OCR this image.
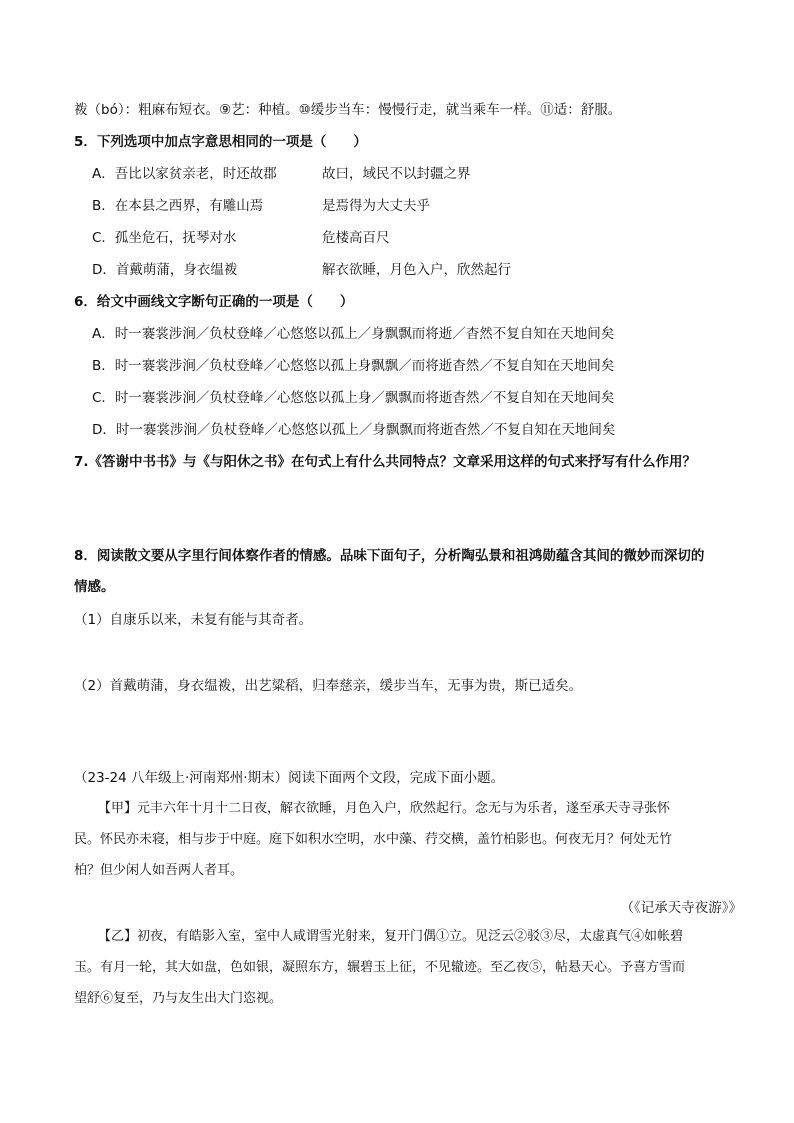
袯（bó）：粗麻布短衣。⑨艺：种植。⑩缓步当车：慢慢行走，就当乘车一样。⑪适：舒服。
5．下列选项中加点字意思相同的一项是（　　）
A．吾比以家贫亲老，时还故郡	故曰，域民不以封疆之界
B．在本县之西界，有雕山焉	是焉得为大丈夫乎
C．孤坐危石，抚琴对水	危楼高百尺
D．首戴萌蒲，身衣缊袯	解衣欲睡，月色入户，欣然起行
6．给文中画线文字断句正确的一项是（　　）
A．时一褰裳涉涧／负杖登峰／心悠悠以孤上／身飘飘而将逝／杳然不复自知在天地间矣
B．时一褰裳涉涧／负杖登峰／心悠悠以孤上身飘飘／而将逝杳然／不复自知在天地间矣
C．时一褰裳涉涧／负杖登峰／心悠悠以孤上身／飘飘而将逝杳然／不复自知在天地间矣
D．时一褰裳涉涧／负杖登峰／心悠悠以孤上／身飘飘而将逝杳然／不复自知在天地间矣
7.《答谢中书书》与《与阳休之书》在句式上有什么共同特点？文章采用这样的句式来抒写有什么作用？
8．阅读散文要从字里行间体察作者的情感。品味下面句子，分析陶弘景和祖鸿勋蕴含其间的微妙而深切的
情感。
（1）自康乐以来，未复有能与其奇者。
（2）首戴萌蒲，身衣缊袯，出艺粱稻，归奉慈亲，缓步当车，无事为贵，斯已适矣。
（23-24 八年级上·河南郑州·期末）阅读下面两个文段，完成下面小题。
【甲】元丰六年十月十二日夜，解衣欲睡，月色入户，欣然起行。念无与为乐者，遂至承天寺寻张怀
民。怀民亦未寝，相与步于中庭。庭下如积水空明，水中藻、荇交横，盖竹柏影也。何夜无月？何处无竹
柏？但少闲人如吾两人者耳。
（《记承天寺夜游》》
【乙】初夜，有皓影入室，室中人咸谓雪光射来，复开门偶①立。见泛云②驳③尽，太虚真气④如帐碧
玉。有月一轮，其大如盘，色如银，凝照东方，辗碧玉上征，不见辙迹。至乙夜⑤，帖悬天心。予喜方雪而
望舒⑥复至，乃与友生出大门恣视。
